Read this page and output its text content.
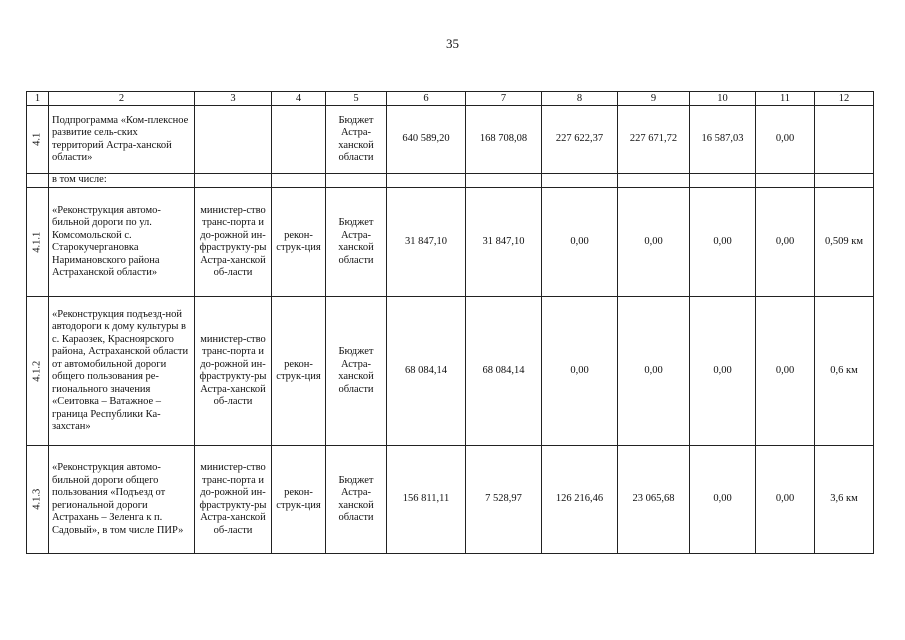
35
1	2	3	4	5	6	7	8	9	10	11	12
4.1	Подпрограмма «Ком-плексное развитие сель-ских территорий Астра-ханской области»			Бюджет Астра-ханской области	640 589,20	168 708,08	227 622,37	227 671,72	16 587,03	0,00	
	в том числе:										
4.1.1	«Реконструкция автомо-бильной дороги по ул. Комсомольской с. Старокучергановка Наримановского района Астраханской области»	министер-ство транс-порта и до-рожной ин-фраструкту-ры Астра-ханской об-ласти	рекон-струк-ция	Бюджет Астра-ханской области	31 847,10	31 847,10	0,00	0,00	0,00	0,00	0,509 км
4.1.2	«Реконструкция подъезд-ной автодороги к дому культуры в с. Караозек, Красноярского района, Астраханской области от автомобильной дороги общего пользования ре-гионального значения «Сеитовка – Ватажное – граница Республики Ка-захстан»	министер-ство транс-порта и до-рожной ин-фраструкту-ры Астра-ханской об-ласти	рекон-струк-ция	Бюджет Астра-ханской области	68 084,14	68 084,14	0,00	0,00	0,00	0,00	0,6 км
4.1.3	«Реконструкция автомо-бильной дороги общего пользования «Подъезд от региональной дороги Астрахань – Зеленга к п. Садовый», в том числе ПИР»	министер-ство транс-порта и до-рожной ин-фраструкту-ры Астра-ханской об-ласти	рекон-струк-ция	Бюджет Астра-ханской области	156 811,11	7 528,97	126 216,46	23 065,68	0,00	0,00	3,6 км
